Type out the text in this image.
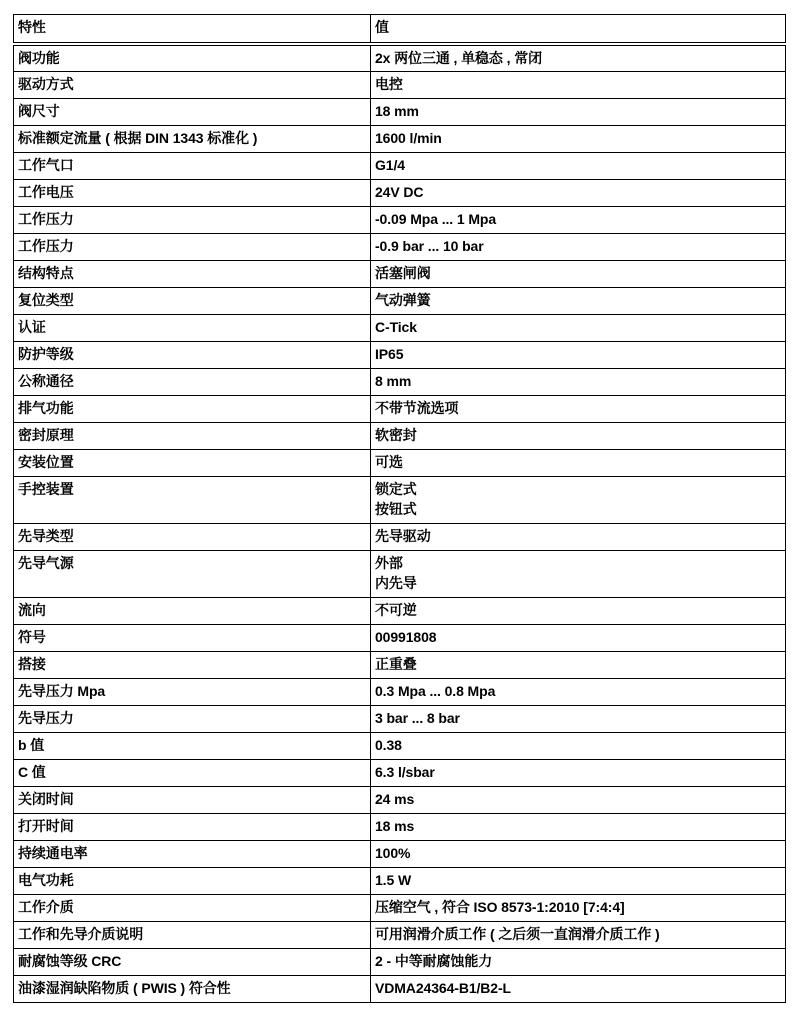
特性	值
阀功能	2x 两位三通 , 单稳态 , 常闭
驱动方式	电控
阀尺寸	18 mm
标准额定流量 ( 根据 DIN 1343 标准化 )	1600 l/min
工作气口	G1/4
工作电压	24V DC
工作压力	-0.09 Mpa ... 1 Mpa
工作压力	-0.9 bar ... 10 bar
结构特点	活塞闸阀
复位类型	气动弹簧
认证	C-Tick
防护等级	IP65
公称通径	8 mm
排气功能	不带节流选项
密封原理	软密封
安装位置	可选
手控装置	锁定式
按钮式

先导类型	先导驱动
先导气源	外部
内先导

流向	不可逆
符号	00991808
搭接	正重叠
先导压力 Mpa	0.3 Mpa ... 0.8 Mpa
先导压力	3 bar ... 8 bar
b 值	0.38
C 值	6.3 l/sbar
关闭时间	24 ms
打开时间	18 ms
持续通电率	100%
电气功耗	1.5 W
工作介质	压缩空气 , 符合 ISO 8573-1:2010 [7:4:4]
工作和先导介质说明	可用润滑介质工作 ( 之后须一直润滑介质工作 )
耐腐蚀等级 CRC	2 - 中等耐腐蚀能力
油漆湿润缺陷物质 ( PWIS ) 符合性	VDMA24364-B1/B2-L
